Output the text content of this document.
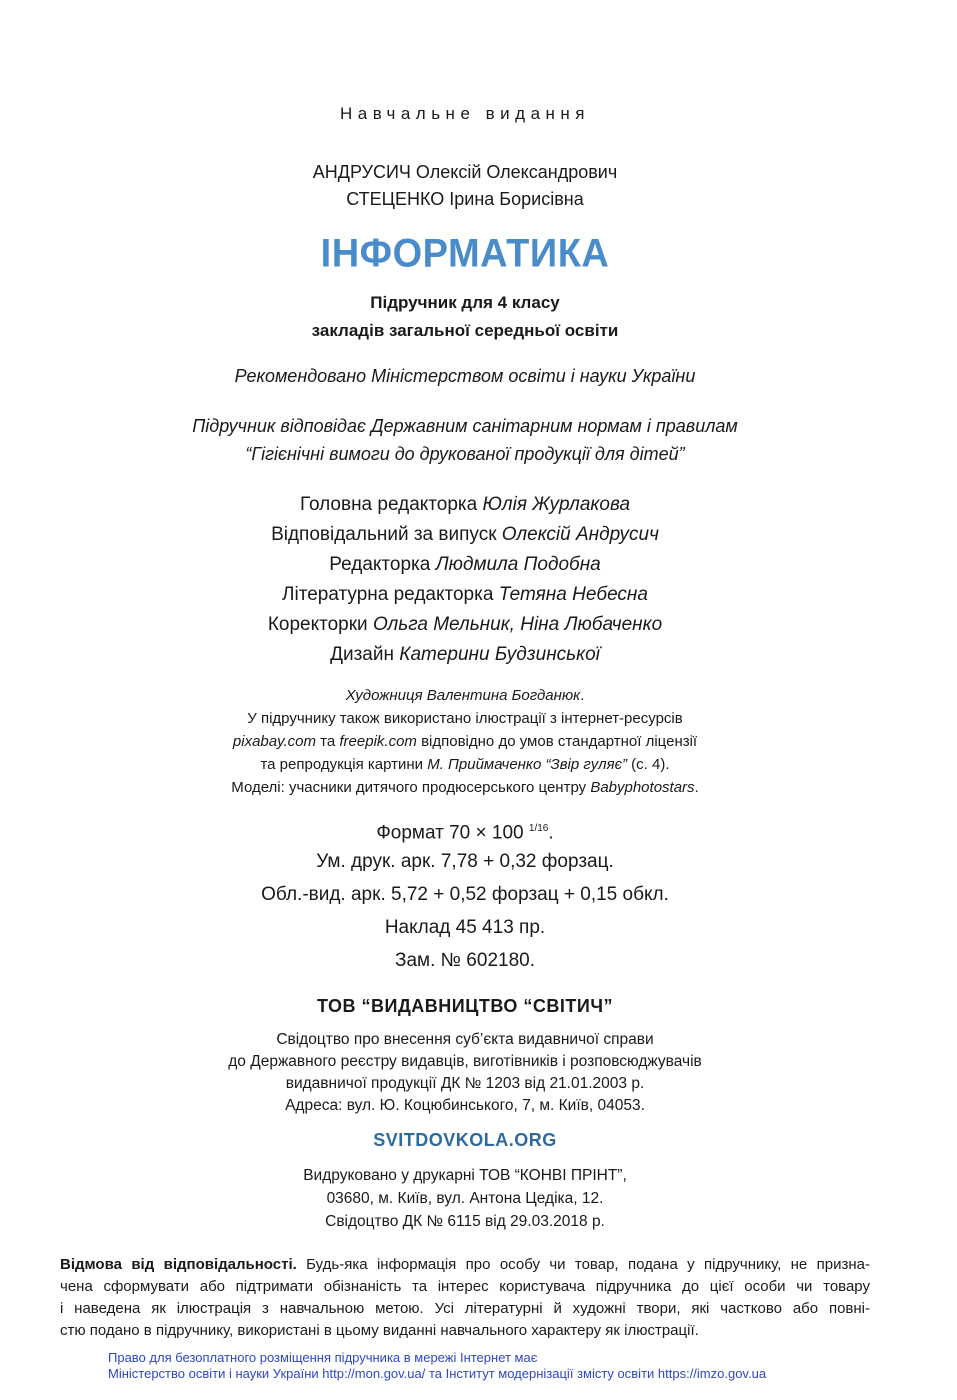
Навчальне видання
АНДРУСИЧ Олексій Олександрович
СТЕЦЕНКО Ірина Борисівна
ІНФОРМАТИКА
Підручник для 4 класу
закладів загальної середньої освіти
Рекомендовано Міністерством освіти і науки України
Підручник відповідає Державним санітарним нормам і правилам
“Гігієнічні вимоги до друкованої продукції для дітей”
Головна редакторка Юлія Журлакова
Відповідальний за випуск Олексій Андрусич
Редакторка Людмила Подобна
Літературна редакторка Тетяна Небесна
Коректорки Ольга Мельник, Ніна Любаченко
Дизайн Катерини Будзинської
Художниця Валентина Богданюк.
У підручнику також використано ілюстрації з інтернет-ресурсів
pixabay.com та freepik.com відповідно до умов стандартної ліцензії
та репродукція картини М. Приймаченко “Звір гуляє” (с. 4).
Моделі: учасники дитячого продюсерського центру Babyphotostars.
Формат 70 × 100 $^{1/16}$.
Ум. друк. арк. 7,78 + 0,32 форзац.
Обл.-вид. арк. 5,72 + 0,52 форзац + 0,15 обкл.
Наклад 45 413 пр.
Зам. № 602180.
ТОВ “ВИДАВНИЦТВО “СВІТИЧ”
Свідоцтво про внесення суб’єкта видавничої справи
до Державного реєстру видавців, виготівників і розповсюджувачів
видавничої продукції ДК № 1203 від 21.01.2003 р.
Адреса: вул. Ю. Коцюбинського, 7, м. Київ, 04053.
SVITDOVKOLA.ORG
Видруковано у друкарні ТОВ “КОНВІ ПРІНТ”,
03680, м. Київ, вул. Антона Цедіка, 12.
Свідоцтво ДК № 6115 від 29.03.2018 р.
Відмова від відповідальності. Будь-яка інформація про особу чи товар, подана у підручнику, не призна-
чена сформувати або підтримати обізнаність та інтерес користувача підручника до цієї особи чи товару
і наведена як ілюстрація з навчальною метою. Усі літературні й художні твори, які частково або повні-
стю подано в підручнику, використані в цьому виданні навчального характеру як ілюстрації.
Право для безоплатного розміщення підручника в мережі Інтернет має
Міністерство освіти і науки України http://mon.gov.ua/ та Інститут модернізації змісту освіти https://imzo.gov.ua
